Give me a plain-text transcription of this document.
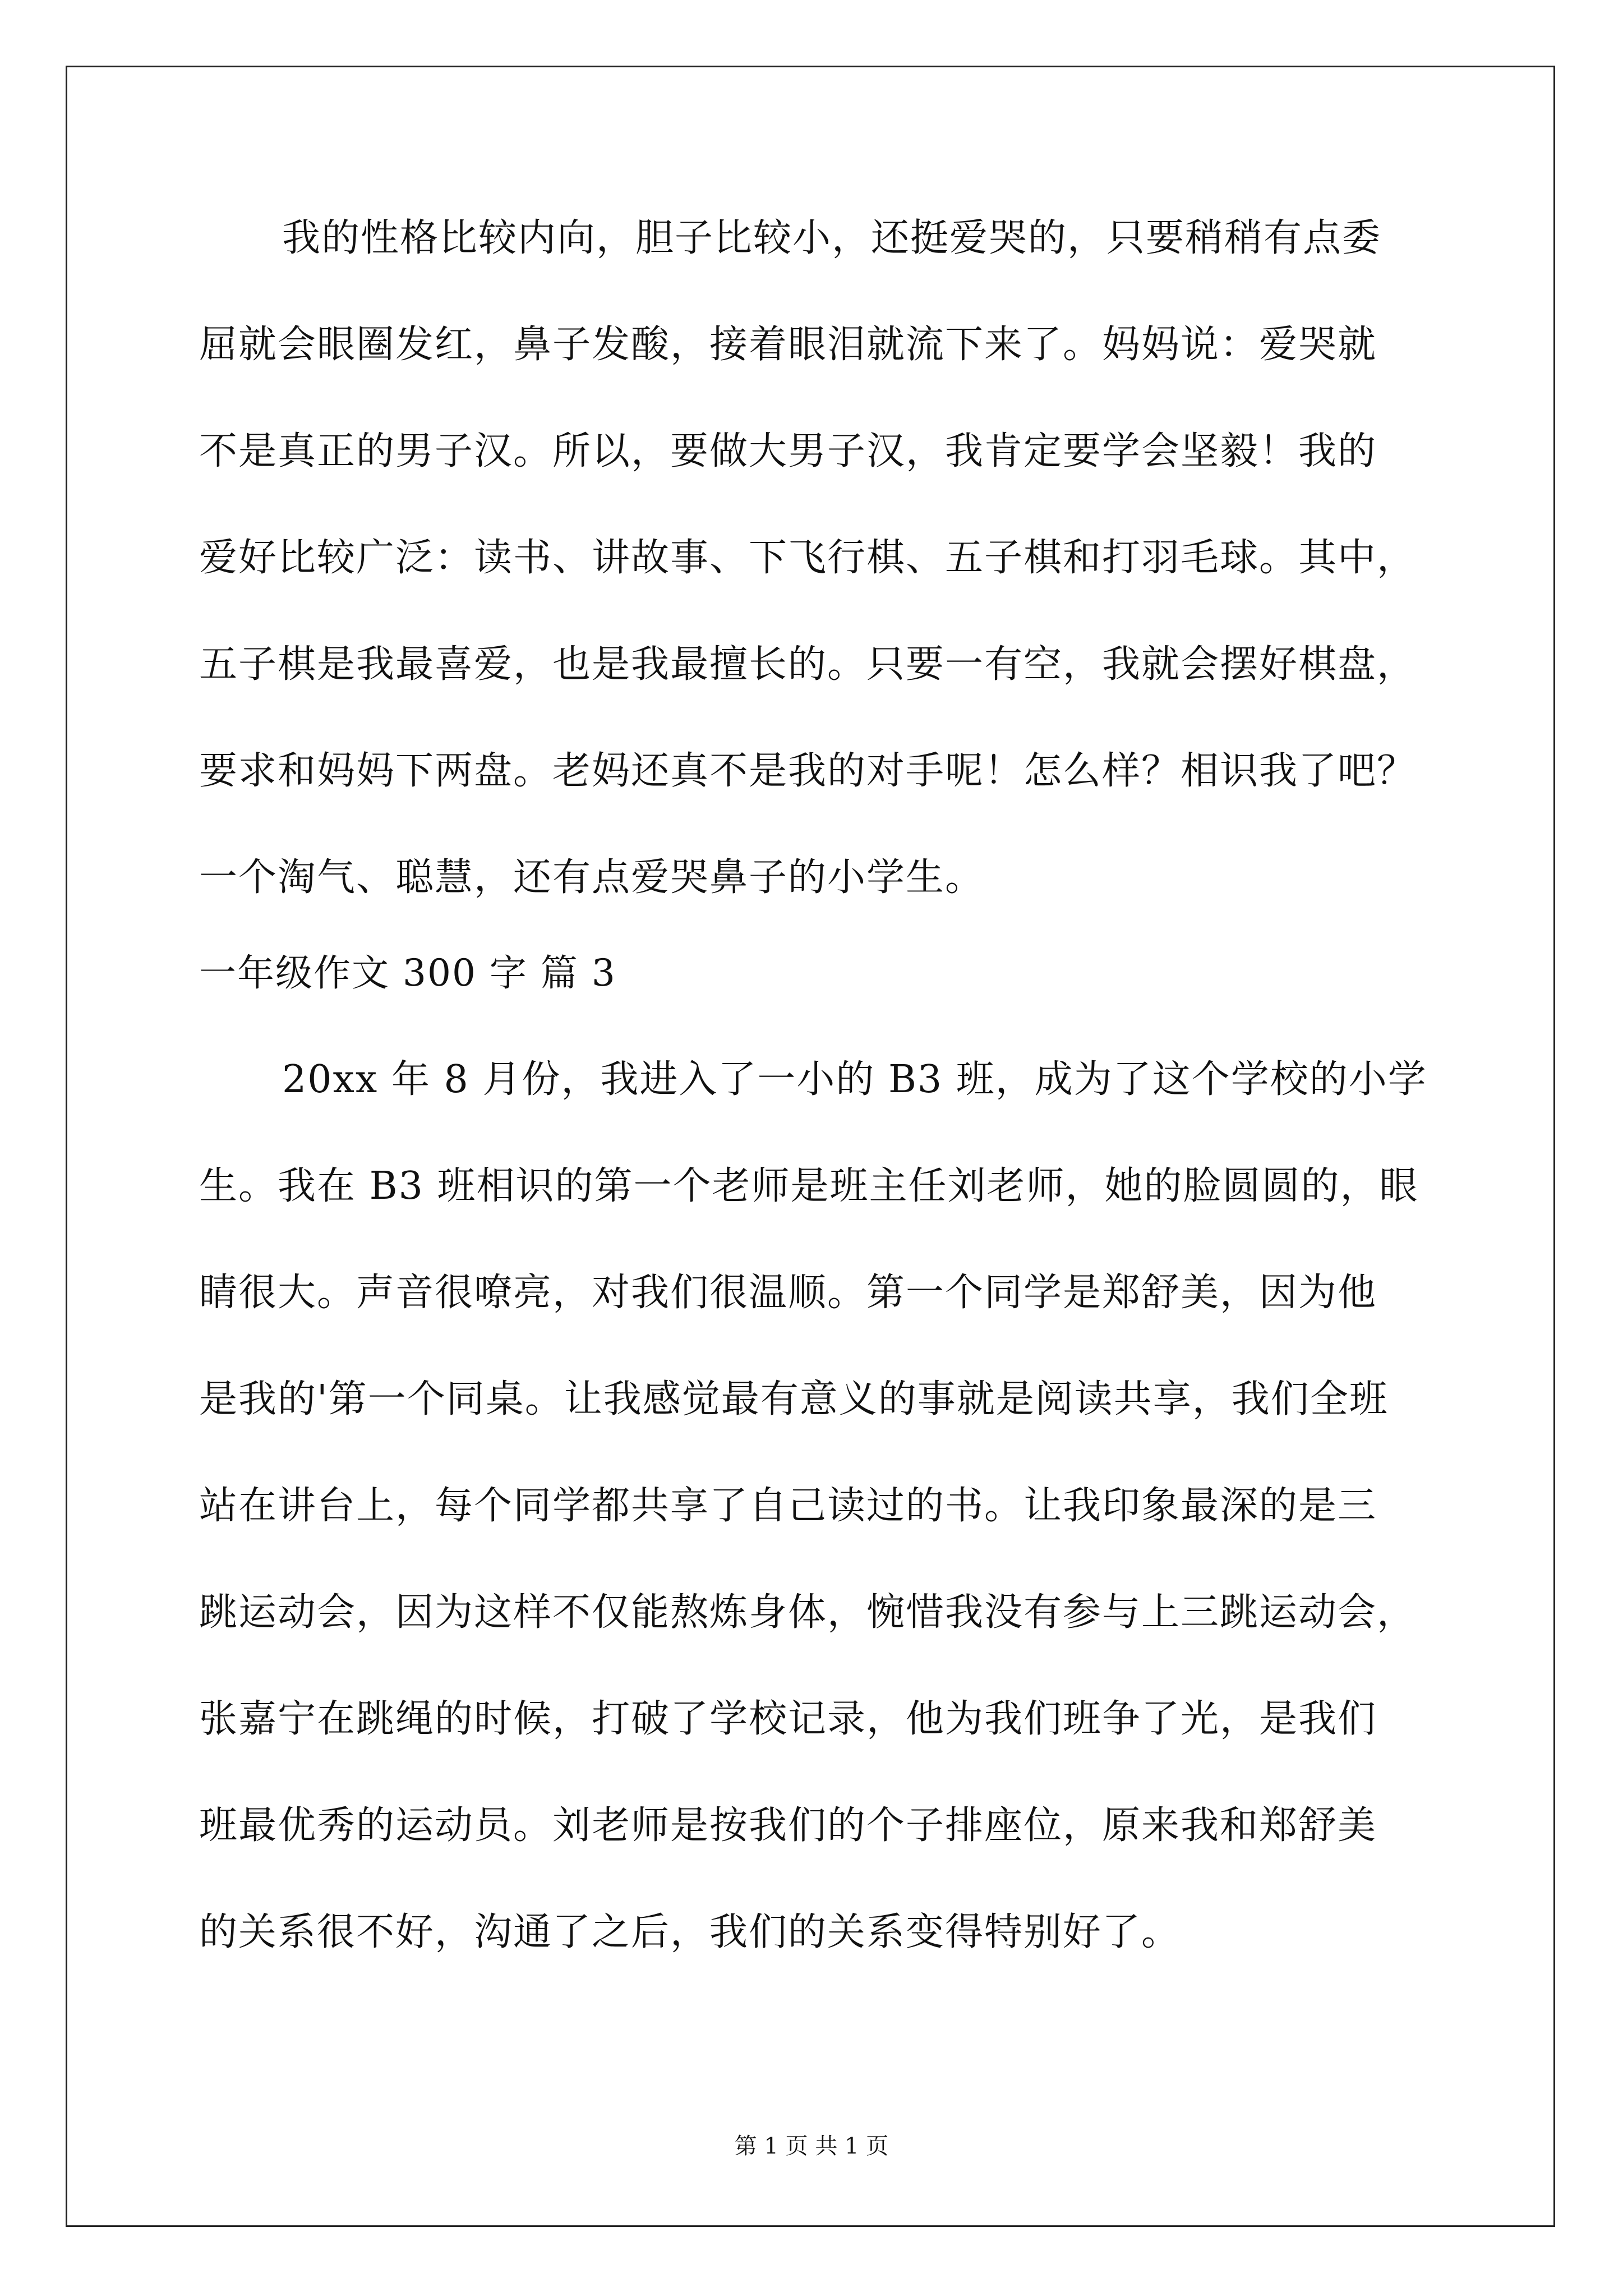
我的性格比较内向，胆子比较小，还挺爱哭的，只要稍稍有点委
屈就会眼圈发红，鼻子发酸，接着眼泪就流下来了。妈妈说：爱哭就
不是真正的男子汉。所以，要做大男子汉，我肯定要学会坚毅！我的
爱好比较广泛：读书、讲故事、下飞行棋、五子棋和打羽毛球。其中，
五子棋是我最喜爱，也是我最擅长的。只要一有空，我就会摆好棋盘，
要求和妈妈下两盘。老妈还真不是我的对手呢！怎么样？相识我了吧？
一个淘气、聪慧，还有点爱哭鼻子的小学生。
一年级作文 300 字 篇 3
20xx 年 8 月份，我进入了一小的 B3 班，成为了这个学校的小学
生。我在 B3 班相识的第一个老师是班主任刘老师，她的脸圆圆的，眼
睛很大。声音很嘹亮，对我们很温顺。第一个同学是郑舒美，因为他
是我的'第一个同桌。让我感觉最有意义的事就是阅读共享，我们全班
站在讲台上，每个同学都共享了自己读过的书。让我印象最深的是三
跳运动会，因为这样不仅能熬炼身体，惋惜我没有参与上三跳运动会，
张嘉宁在跳绳的时候，打破了学校记录，他为我们班争了光，是我们
班最优秀的运动员。刘老师是按我们的个子排座位，原来我和郑舒美
的关系很不好，沟通了之后，我们的关系变得特别好了。
第 1 页 共 1 页
